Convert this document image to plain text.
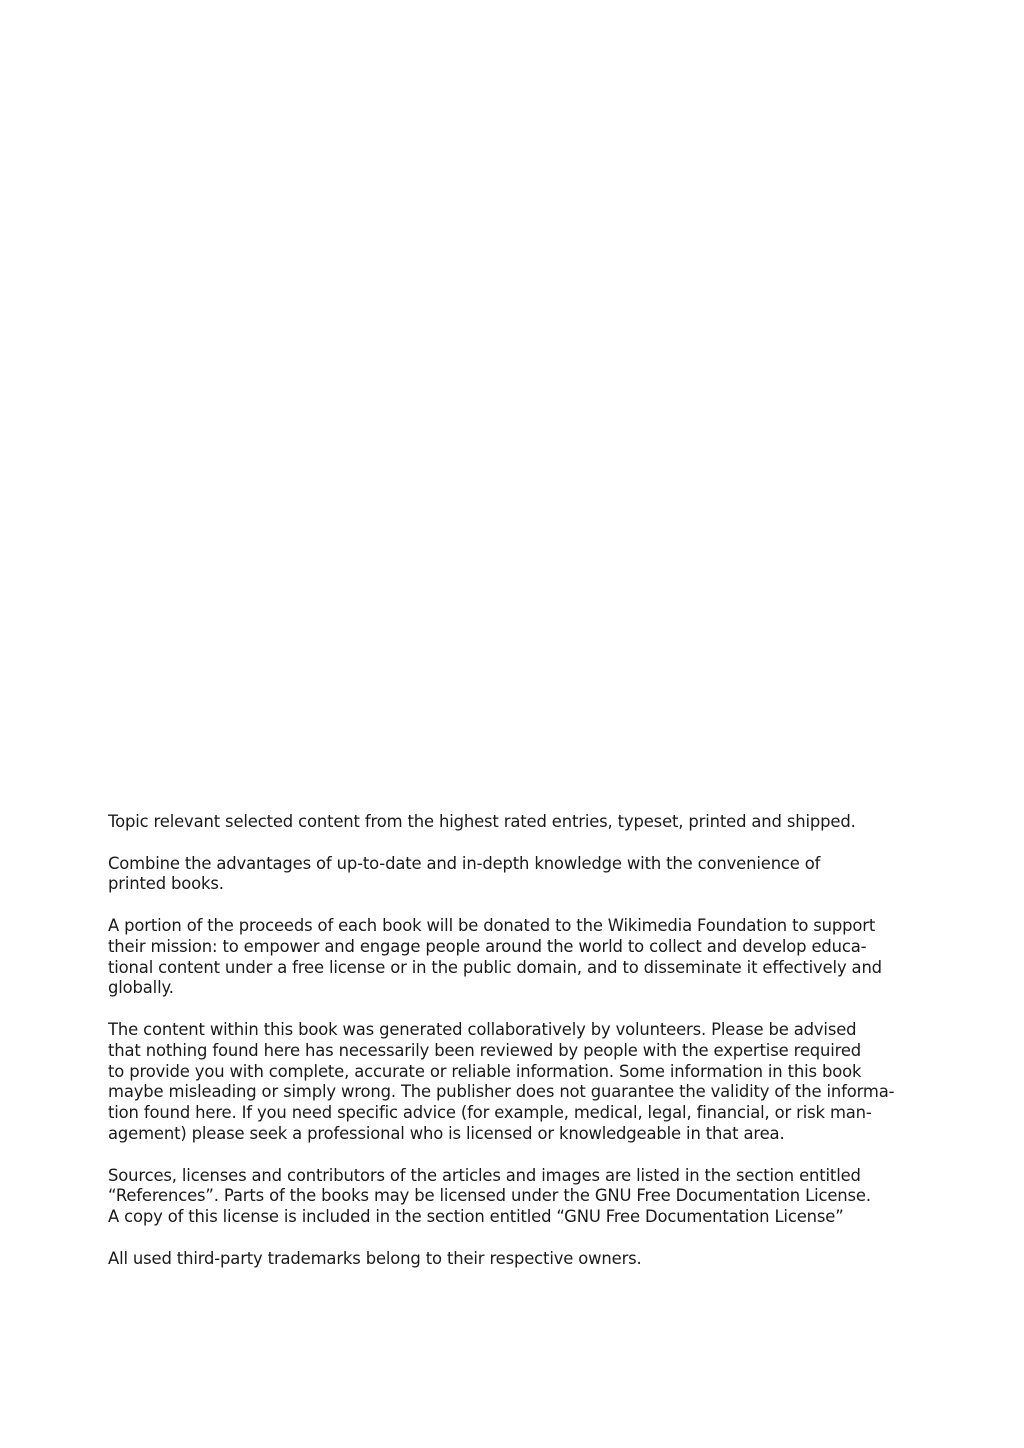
Topic relevant selected content from the highest rated entries, typeset, printed and shipped.

Combine the advantages of up-to-date and in-depth knowledge with the convenience of
printed books.

A portion of the proceeds of each book will be donated to the Wikimedia Foundation to support
their mission: to empower and engage people around the world to collect and develop educa-
tional content under a free license or in the public domain, and to disseminate it effectively and
globally.

The content within this book was generated collaboratively by volunteers. Please be advised
that nothing found here has necessarily been reviewed by people with the expertise required
to provide you with complete, accurate or reliable information. Some information in this book
maybe misleading or simply wrong. The publisher does not guarantee the validity of the informa-
tion found here. If you need specific advice (for example, medical, legal, financial, or risk man-
agement) please seek a professional who is licensed or knowledgeable in that area.

Sources, licenses and contributors of the articles and images are listed in the section entitled
“References”. Parts of the books may be licensed under the GNU Free Documentation License.
A copy of this license is included in the section entitled “GNU Free Documentation License”

All used third-party trademarks belong to their respective owners.
